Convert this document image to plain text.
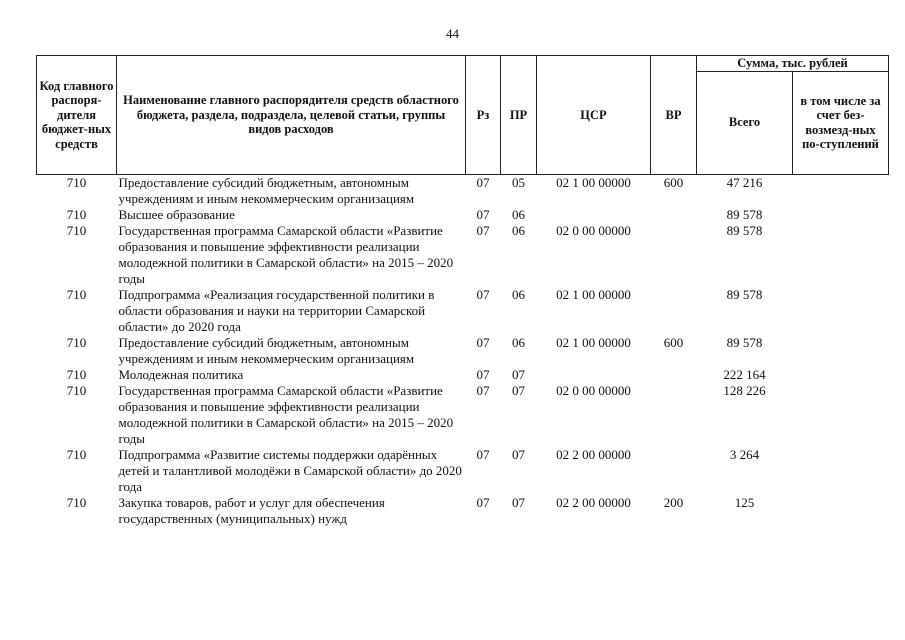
44
Код главного распоря-дителя бюджет-ных средств	Наименование главного распорядителя средств областного бюджета, раздела, подраздела, целевой статьи, группы видов расходов	Рз	ПР	ЦСР	ВР	Сумма, тыс. рублей	
						Всего	в том числе за счет без-возмезд-ных по-ступлений
710	Предоставление субсидий бюджетным, автономным учреждениям и иным некоммерческим организациям	07	05	02 1 00 00000	600	47 216	
710	Высшее образование	07	06			89 578	
710	Государственная программа Самарской области «Развитие образования и повышение эффективности реализации молодежной политики в Самарской области» на 2015 – 2020 годы	07	06	02 0 00 00000		89 578	
710	Подпрограмма «Реализация государственной политики в области образования и науки на территории Самарской области» до 2020 года	07	06	02 1 00 00000		89 578	
710	Предоставление субсидий бюджетным, автономным учреждениям и иным некоммерческим организациям	07	06	02 1 00 00000	600	89 578	
710	Молодежная политика	07	07			222 164	
710	Государственная программа Самарской области «Развитие образования и повышение эффективности реализации молодежной политики в Самарской области» на 2015 – 2020 годы	07	07	02 0 00 00000		128 226	
710	Подпрограмма «Развитие системы поддержки одарённых детей и талантливой молодёжи в Самарской области» до 2020 года	07	07	02 2 00 00000		3 264	
710	Закупка товаров, работ и услуг для обеспечения государственных (муниципальных) нужд	07	07	02 2 00 00000	200	125	
